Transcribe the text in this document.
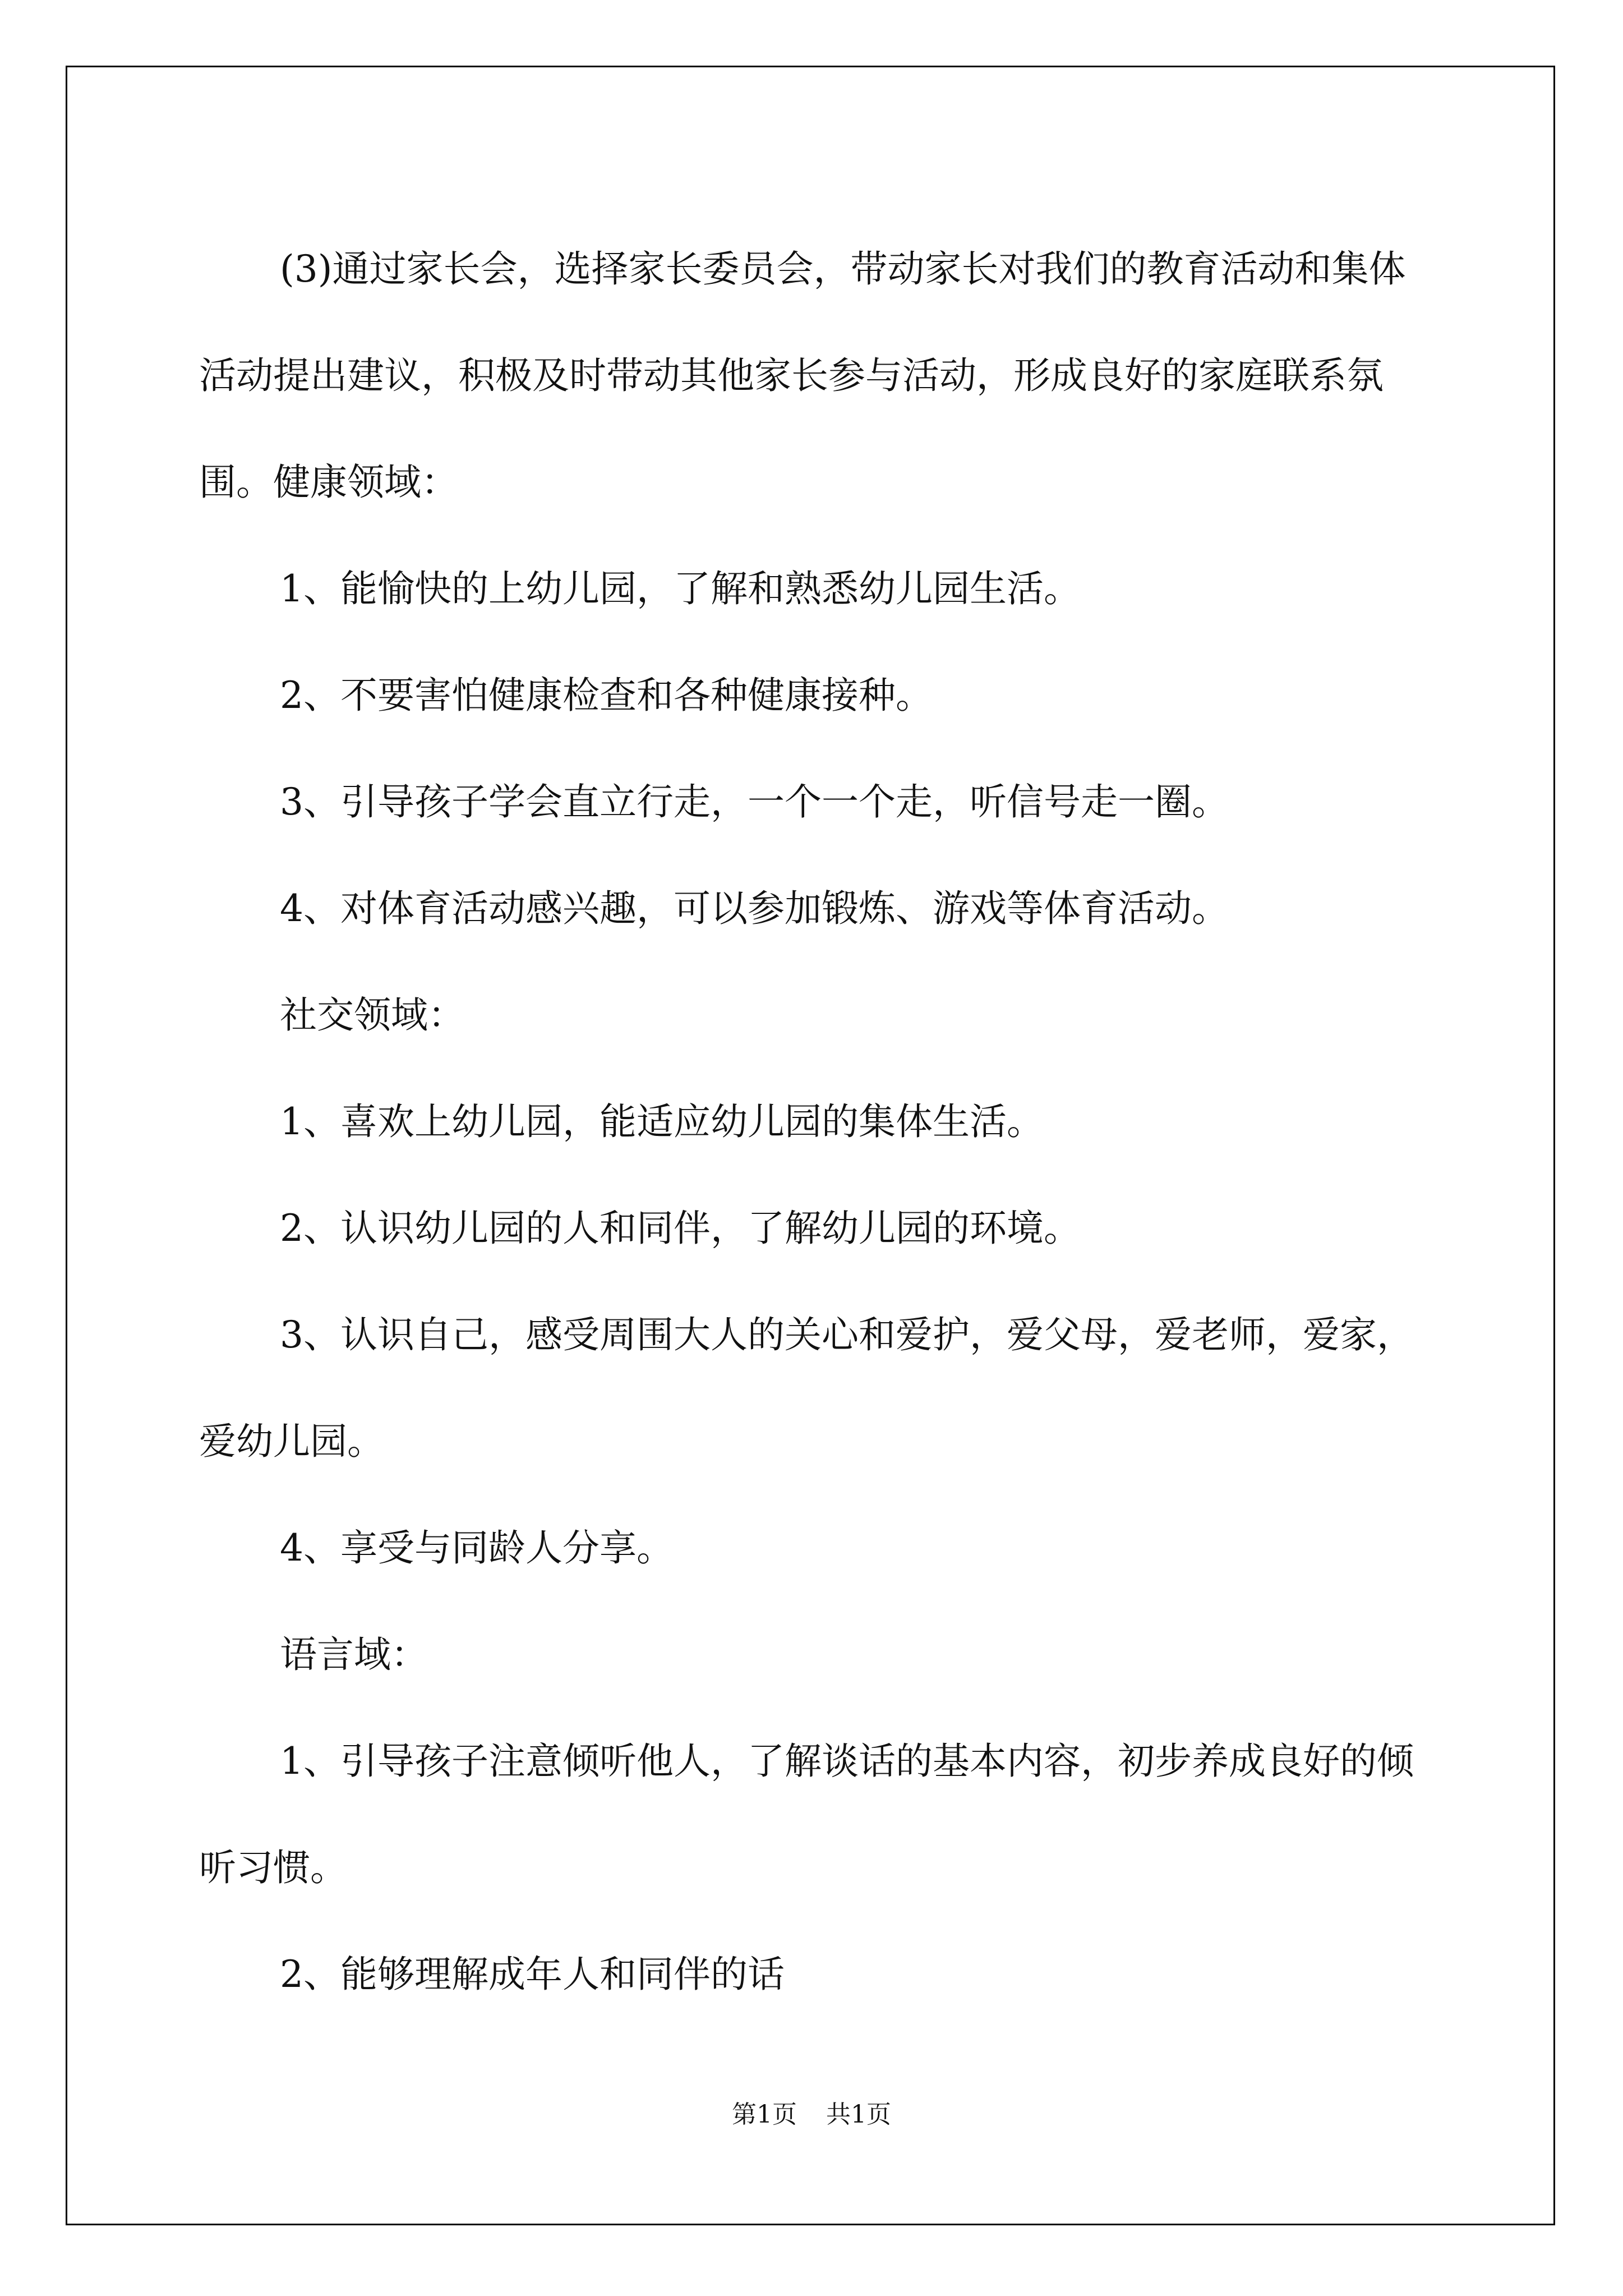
(3)通过家长会，选择家长委员会，带动家长对我们的教育活动和集体活动提出建议，积极及时带动其他家长参与活动，形成良好的家庭联系氛围。健康领域：

1、能愉快的上幼儿园，了解和熟悉幼儿园生活。

2、不要害怕健康检查和各种健康接种。

3、引导孩子学会直立行走，一个一个走，听信号走一圈。

4、对体育活动感兴趣，可以参加锻炼、游戏等体育活动。

社交领域：

1、喜欢上幼儿园，能适应幼儿园的集体生活。

2、认识幼儿园的人和同伴，了解幼儿园的环境。

3、认识自己，感受周围大人的关心和爱护，爱父母，爱老师，爱家，爱幼儿园。

4、享受与同龄人分享。

语言域：

1、引导孩子注意倾听他人，了解谈话的基本内容，初步养成良好的倾听习惯。

2、能够理解成年人和同伴的话

第1页 共1页
